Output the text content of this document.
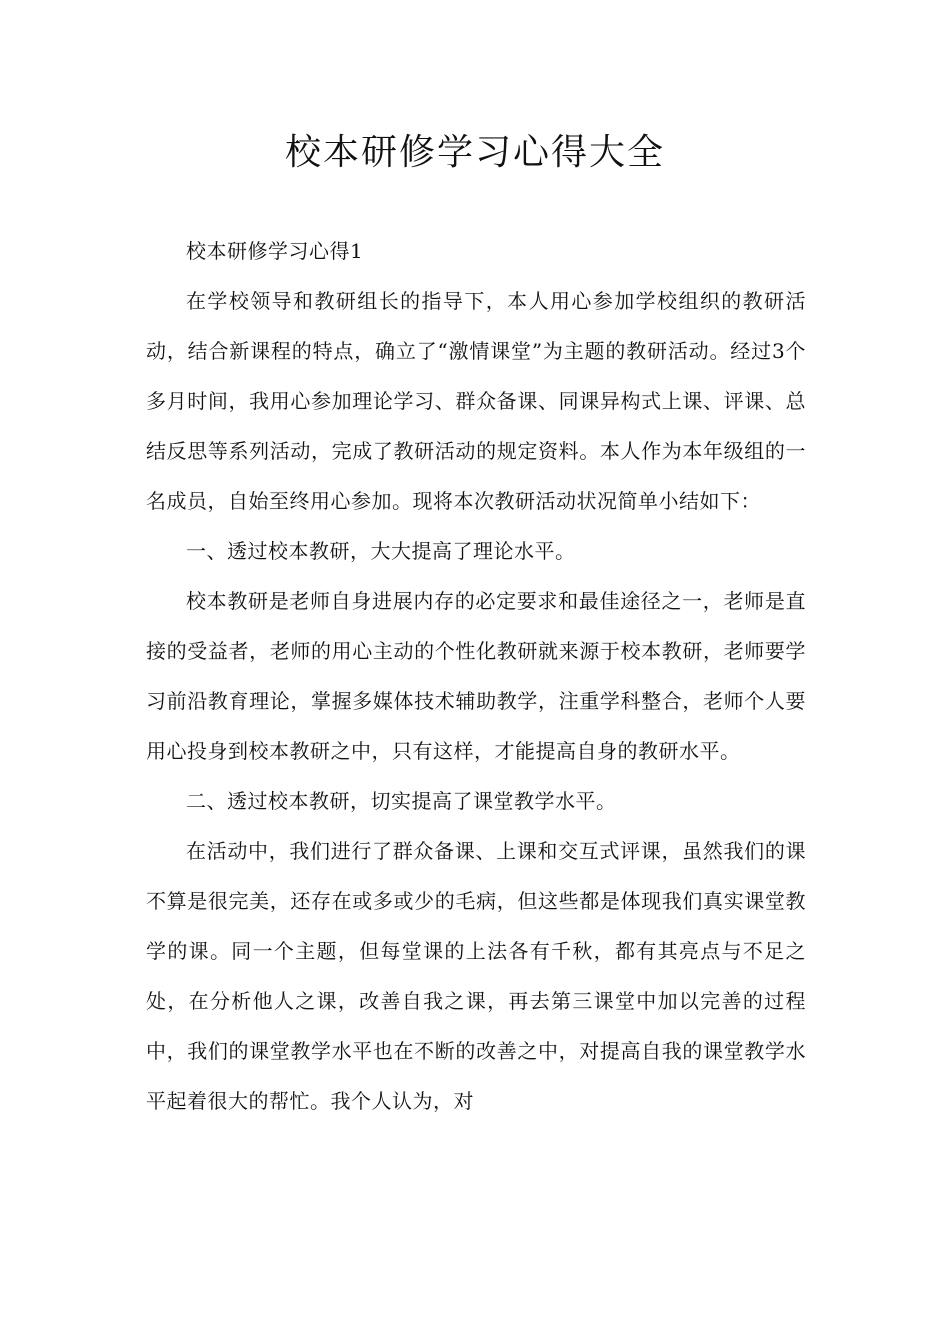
校本研修学习心得大全

校本研修学习心得1

在学校领导和教研组长的指导下，本人用心参加学校组织的教研活动，结合新课程的特点，确立了“激情课堂”为主题的教研活动。经过3个多月时间，我用心参加理论学习、群众备课、同课异构式上课、评课、总结反思等系列活动，完成了教研活动的规定资料。本人作为本年级组的一名成员，自始至终用心参加。现将本次教研活动状况简单小结如下：

一、透过校本教研，大大提高了理论水平。

校本教研是老师自身进展内存的必定要求和最佳途径之一，老师是直接的受益者，老师的用心主动的个性化教研就来源于校本教研，老师要学习前沿教育理论，掌握多媒体技术辅助教学，注重学科整合，老师个人要用心投身到校本教研之中，只有这样，才能提高自身的教研水平。

二、透过校本教研，切实提高了课堂教学水平。

在活动中，我们进行了群众备课、上课和交互式评课，虽然我们的课不算是很完美，还存在或多或少的毛病，但这些都是体现我们真实课堂教学的课。同一个主题，但每堂课的上法各有千秋，都有其亮点与不足之处，在分析他人之课，改善自我之课，再去第三课堂中加以完善的过程中，我们的课堂教学水平也在不断的改善之中，对提高自我的课堂教学水平起着很大的帮忙。我个人认为，对
